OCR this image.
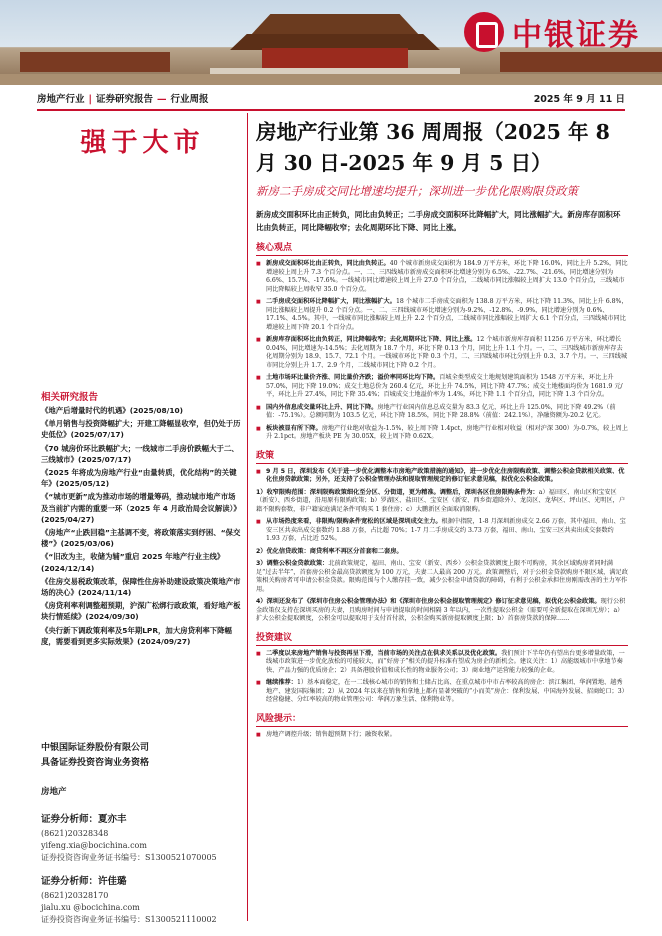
中银证券
房地产行业 | 证券研究报告 — 行业周报	2025 年 9 月 11 日
强于大市
相关研究报告
《地产后增量时代的机遇》(2025/08/10)
《单月销售与投资降幅扩大；开建工降幅显收窄，但仍处于历史低位》(2025/07/17)
《70 城房价环比跌幅扩大；一线城市二手房价跌幅大于二、三线城市》(2025/07/17)
《2025 年将成为房地产行业“由量转质，优化结构”的关键年》(2025/05/12)
《“城市更新”成为推动市场的增量筹码，推动城市地产市场及当前扩内需的重要一环（2025 年 4 月政治局会议解读）》(2025/04/27)
《房地产“止跌回稳”主基调不变，将政策落实到纾困、“保交楼”》(2025/03/06)
《“旧改为主，收储为辅”重启 2025 年地产行业主线》(2024/12/14)
《住房交易税政策改革，保障性住房补助建设政策决策地产市场的决心》(2024/11/14)
《房贷利率利调整超预期，沪深广松绑行政政策，看好地产板块行情延续》(2024/09/30)
《央行新下调政策利率及5年期LPR，加大房贷利率下降幅度，需要看到更多实际效果》(2024/09/27)
中银国际证券股份有限公司
具备证券投资咨询业务资格
房地产
证券分析师：夏亦丰
(8621)20328348
yifeng.xia@bocichina.com
证券投资咨询业务证书编号：S1300521070005
证券分析师：许佳璐
(8621)20328170
jialu.xu @bocichina.com
证券投资咨询业务证书编号：S1300521110002
房地产行业第 36 周周报（2025 年 8 月 30 日-2025 年 9 月 5 日）
新房二手房成交同比增速均提升；深圳进一步优化限购限贷政策
新房成交面积环比由正转负，同比由负转正；二手房成交面积环比降幅扩大，同比涨幅扩大。新房库存面积环比由负转正，同比降幅收窄；去化周期环比下降、同比上涨。
核心观点
■ 新房成交面积环比由正转负，同比由负转正。40 个城市新房成交面积为 184.9 万平方米，环比下降 16.0%，同比上升 5.2%，同比增速较上周上升 7.3 个百分点。一、二、三四线城市新房成交面积环比增速分别为 6.5%、-22.7%、-21.6%，同比增速分别为 6.6%、15.7%、-17.6%。一线城市同比增速较上周上升 27.0 个百分点，二线城市同比涨幅较上周扩大 13.0 个百分点，三线城市同比降幅较上周收窄 35.0 个百分点。
■ 二手房成交面积环比降幅扩大，同比涨幅扩大。18 个城市二手房成交面积为 138.8 万平方米，环比下降 11.3%，同比上升 6.8%，同比涨幅较上周提升 0.2 个百分点。一、二、三四线城市环比增速分别为-9.2%、-12.8%、-9.9%，同比增速分别为 0.6%、17.1%、4.5%。其中，一线城市同比涨幅较上周上升 2.2 个百分点，二线城市同比涨幅较上周扩大 6.1 个百分点，三四线城市同比增速较上周下降 20.1 个百分点。
■ 新房库存面积环比由负转正，同比降幅收窄；去化周期环比下降、同比上涨。12 个城市新房库存面积 11256 万平方米，环比增长 0.04%，同比增速为-14.5%；去化周期为 18.7 个月，环比下降 0.13 个月，同比上升 1.1 个月。一、二、三四线城市新房库存去化周期分别为 18.9、15.7、72.1 个月。一线城市环比下降 0.3 个月，二、三四线城市环比分别上升 0.3、3.7 个月。一、三四线城市同比分别上升 1.7、2.9 个月，二线城市同比下降 0.2 个月。
■ 土地市场环比量价齐涨、同比量价齐跌；溢价率同环比均下降。百城全类型成交土地规划建筑面积为 1548 万平方米，环比上升 57.0%，同比下降 19.0%；成交土地总价为 260.4 亿元，环比上升 74.5%，同比下降 47.7%；成交土地楼面均价为 1681.9 元/平，环比上升 27.4%，同比下降 35.4%；百城成交土地溢价率为 1.4%，环比下降 1.1 个百分点，同比下降 1.3 个百分点。
■ 国内外信息成交量环比上升、同比下降。房地产行业国内信息总成交量为 83.3 亿元，环比上升 125.0%，同比下降 49.2%（前值：-75.1%）。总额同期为 103.5 亿元，环比下降 18.5%，同比下降 28.8%（前值：242.1%），净融资额为-20.2 亿元。
■ 板块被显有所下降。房地产行业绝对收益为-1.5%，较上周下降 1.4pct，房地产行业相对收益（相对沪深 300）为-0.7%，较上周上升 2.1pct。房地产板块 PE 为 30.05X，较上周下降 0.62X。
政策
■ 9 月 5 日，深圳发布《关于进一步优化调整本市房地产政策措施的通知》，进一步优化住房限购政策、调整公积金贷款相关政策、优化住房贷款政策；另外，还支持了公积金管理办法和提取管理规定的修订征求意见稿，拟优化公积金政策。
1）收窄限购范围：深圳限购政策细化至分区、分街道，更为精准。调整后，深圳各区住房限购条件为：a）福田区、南山区和宝安区（新安）、西乡街道，沿用原有限购政策；b）罗湖区、盐田区、宝安区（新安、西乡街道除外）、龙岗区、龙华区、坪山区、光明区，户籍不限购套数，非户籍家庭满足条件可购买 1 套住房；c）大鹏新区全面取消限购。
■ 从市场热度来看，非限购/限购条件宽松的区域是深圳成交主力。根据中指院，1-8 月深圳新房成交 2.66 万套，其中福田、南山、宝安三区共卖出成交套数约 1.88 万套，占比超 70%；1-7 月二手房成交约 3.73 万套，福田、南山、宝安三区共卖出成交套数约 1.93 万套，占比近 52%。
2）优化信贷政策：商贷利率不再区分首套和二套房。
3）调整公积金贷款政策：北前政策规定，福田、南山、宝安（新安、西乡）公积金贷款额度上限不可购房，其余区域购房者同时满足“过去半年”，首套房公积金最高贷款额度为 100 万元，夫妻二人最高 200 万元。政策调整后，对于公积金贷款购房不限区域，满足政策相关购房者可申请公积金贷款。限购范围与个人缴存挂一致，减少公积金申请贷款的障碍，有利于公积金承担住房刚需改善的主力军作用。
4）深圳还发布了《深圳市住房公积金管理办法》和《深圳市住房公积金提取管理规定》修订征求意见稿，拟优化公积金政策。现行公积金政策仅支持在深圳买房的夫妻，且购房时间与申请提取的时间相隔 3 年以内，一次性提取公积金（需要可全新提取在深圳无房）；a）扩大公积金提取额度，公积金可以提取用于支付首付款，公积金购买新房提取额度上限；b）首套房贷款的保障……
投资建议
■ 二季度以来房地产销售与投资再呈下滑，当前市场的关注点在供求关系以及优化政策。我们预计下半年仍有望出台更多增量政策，一线城市政策进一步优化放松的可能较大，而“好房子”相关的提升标准有望成为房企的新机会。建议关注：1）高能级城市中拿地节奏快、产品力强的优质房企；2）具备港股价值和成长性的物业服务公司；3）商业地产运营能力较强的企业。
■ 继续推荐：1）基本面稳定，在一二线核心城市的销售和土储占比高、在重点城市中市占率较高的房企：滨江集团、华润置地、越秀地产、建发国际集团；2）从 2024 年以来在销售和拿地上都有显著突破的“小而美”房企：保利发展、中国海外发展、招商蛇口；3）经营稳健、分红率较高的物业管理公司：华润万象生活、保利物业等。
风险提示：
■ 房地产调控升级；销售超预期下行；融资收紧。
